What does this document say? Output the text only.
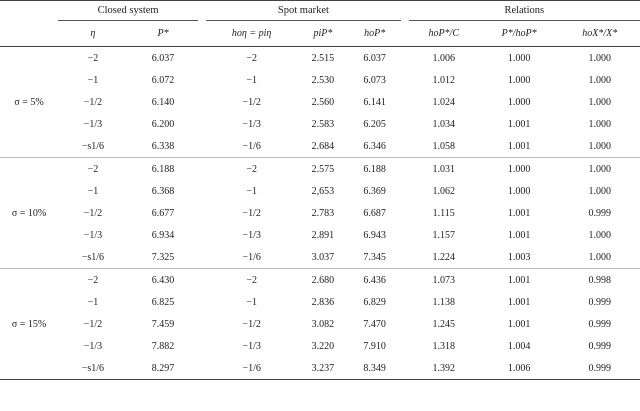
	Closed system			Spot market				Relations		
	η	P*		hoη = piη	piP*	hoP*		hoP*/C	P*/hoP*	hoX*/X*
	−2	6.037		−2	2.515	6.037		1.006	1.000	1.000
	−1	6.072		−1	2.530	6.073		1.012	1.000	1.000
σ = 5%	−1/2	6.140		−1/2	2.560	6.141		1.024	1.000	1.000
	−1/3	6.200		−1/3	2.583	6.205		1.034	1.001	1.000
	−s1/6	6.338		−1/6	2.684	6.346		1.058	1.001	1.000
	−2	6.188		−2	2.575	6.188		1.031	1.000	1.000
	−1	6.368		−1	2,653	6.369		1.062	1.000	1.000
σ = 10%	−1/2	6.677		−1/2	2.783	6.687		1.115	1.001	0.999
	−1/3	6.934		−1/3	2.891	6.943		1.157	1.001	1.000
	−s1/6	7.325		−1/6	3.037	7.345		1.224	1.003	1.000
	−2	6.430		−2	2.680	6.436		1.073	1.001	0.998
	−1	6.825		−1	2.836	6.829		1.138	1.001	0.999
σ = 15%	−1/2	7.459		−1/2	3.082	7.470		1.245	1.001	0.999
	−1/3	7.882		−1/3	3.220	7.910		1.318	1.004	0.999
	−s1/6	8.297		−1/6	3.237	8.349		1.392	1.006	0.999
